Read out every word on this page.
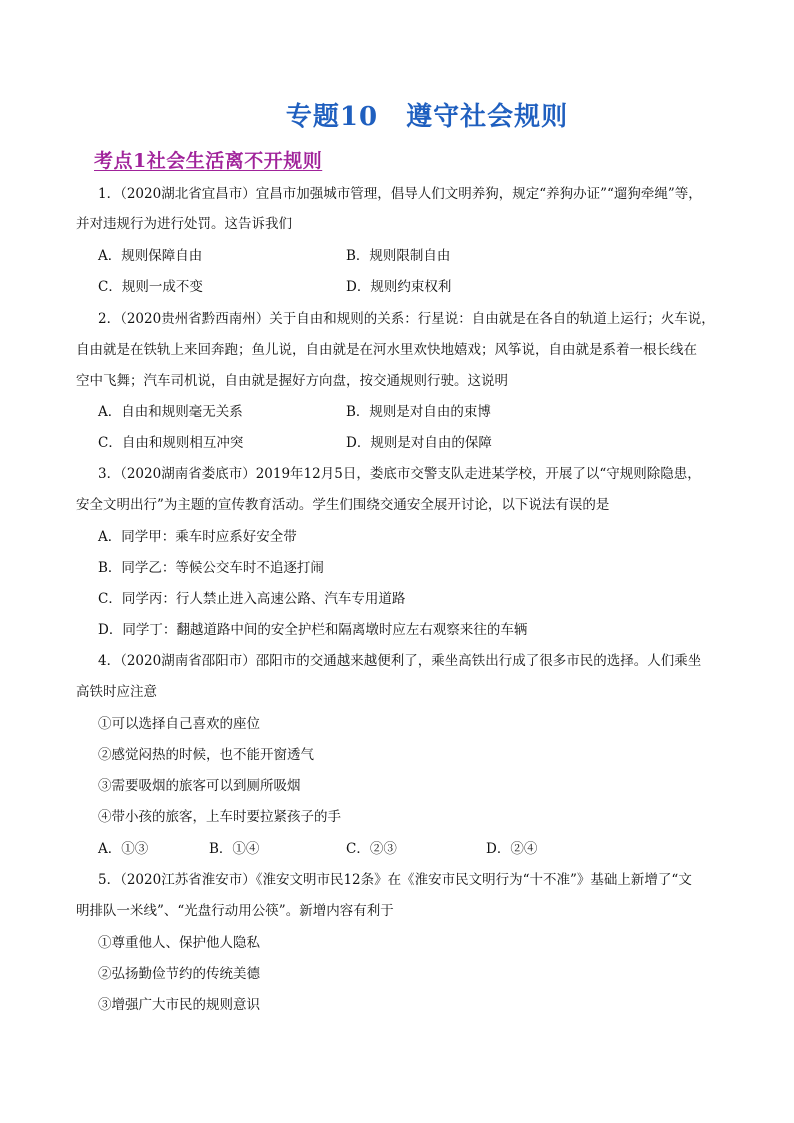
专题10 遵守社会规则
考点1社会生活离不开规则
1．（2020湖北省宜昌市）宜昌市加强城市管理，倡导人们文明养狗，规定“养狗办证”“遛狗牵绳”等，
并对违规行为进行处罚。这告诉我们
A．规则保障自由	B．规则限制自由
C．规则一成不变	D．规则约束权利
2．（2020贵州省黔西南州）关于自由和规则的关系：行星说：自由就是在各自的轨道上运行；火车说，
自由就是在铁轨上来回奔跑；鱼儿说，自由就是在河水里欢快地嬉戏；风筝说，自由就是系着一根长线在
空中飞舞；汽车司机说，自由就是握好方向盘，按交通规则行驶。这说明
A．自由和规则毫无关系	B．规则是对自由的束博
C．自由和规则相互冲突	D．规则是对自由的保障
3．（2020湖南省娄底市）2019年12月5日，娄底市交警支队走进某学校，开展了以“守规则除隐患，
安全文明出行”为主题的宣传教育活动。学生们围绕交通安全展开讨论，以下说法有误的是
A．同学甲：乘车时应系好安全带
B．同学乙：等候公交车时不追逐打闹
C．同学丙：行人禁止进入高速公路、汽车专用道路
D．同学丁：翻越道路中间的安全护栏和隔离墩时应左右观察来往的车辆
4．（2020湖南省邵阳市）邵阳市的交通越来越便利了，乘坐高铁出行成了很多市民的选择。人们乘坐
高铁时应注意
①可以选择自己喜欢的座位
②感觉闷热的时候，也不能开窗透气
③需要吸烟的旅客可以到厕所吸烟
④带小孩的旅客，上车时要拉紧孩子的手
A．①③	B．①④	C．②③	D．②④
5．（2020江苏省淮安市）《淮安文明市民12条》在《淮安市民文明行为“十不准”》基础上新增了“文
明排队一米线”、“光盘行动用公筷”。新增内容有利于
①尊重他人、保护他人隐私
②弘扬勤俭节约的传统美德
③增强广大市民的规则意识
